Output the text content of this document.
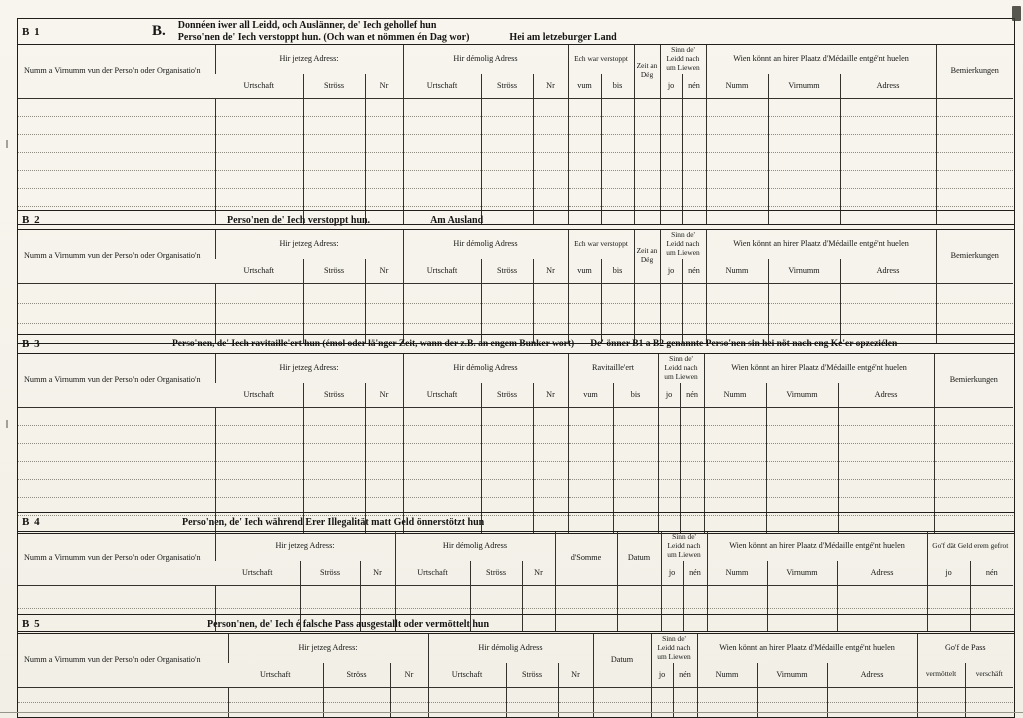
B 1	B. Donnéen iwer all Leidd, och Auslänner, de' Iech gehollef hun
Perso'nen de' Iech verstoppt hun. (Och wan et nömmen én Dag wor)	Hei am letzeburger Land
Numm a Virnumm vun der Perso'n oder Organisatio'n	Hir jetzeg Adress:			Hir démolig Adress			Ech war verstoppt		Zeit an Dég	Sinn de' Leidd nach um Liewen		Wien könnt an hirer Plaatz d'Médaille entgé'nt huelen			Bemierkungen
	Urtschaft	Ströss	Nr	Urtschaft	Ströss	Nr	vum	bis		jo	nén	Numm	Virnumm	Adress	

B 2	Perso'nen de' Iech verstoppt hun.	Am Ausland
Numm a Virnumm vun der Perso'n oder Organisatio'n	Hir jetzeg Adress:			Hir démolig Adress			Ech war verstoppt		Zeit an Dég	Sinn de' Leidd nach um Liewen		Wien könnt an hirer Plaatz d'Médaille entgé'nt huelen			Bemierkungen
	Urtschaft	Ströss	Nr	Urtschaft	Ströss	Nr	vum	bis		jo	nén	Numm	Virnumm	Adress	

B 3	Perso'nen, de' Iech ravitaille'ert hun (émol oder lä'nger Zeit, wann der z.B. an engem Bunker wort) De' önner B1 a B2 genannte Perso'nen sin hei nöt nach eng Ke'er opzeziélen
Numm a Virnumm vun der Perso'n oder Organisatio'n	Hir jetzeg Adress:			Hir démolig Adress			Ravitaille'ert		Sinn de' Leidd nach um Liewen		Wien könnt an hirer Plaatz d'Médaille entgé'nt huelen			Bemierkungen
	Urtschaft	Ströss	Nr	Urtschaft	Ströss	Nr	vum	bis	jo	nén	Numm	Virnumm	Adress	

B 4	Perso'nen, de' Iech während Erer Illegalität matt Geld önnerstötzt hun
Numm a Virnumm vun der Perso'n oder Organisatio'n	Hir jetzeg Adress:			Hir démolig Adress			d'Somme	Datum	Sinn de' Leidd nach um Liewen		Wien könnt an hirer Plaatz d'Médaille entgé'nt huelen			Go'f dät Geld erem gefrot	
	Urtschaft	Ströss	Nr	Urtschaft	Ströss	Nr			jo	nén	Numm	Virnumm	Adress	jo	nén

B 5	Person'nen, de' Iech é falsche Pass ausgestallt oder vermöttelt hun
Numm a Virnumm vun der Perso'n oder Organisatio'n	Hir jetzeg Adress:			Hir démolig Adress			Datum	Sinn de' Leidd nach um Liewen		Wien könnt an hirer Plaatz d'Médaille entgé'nt huelen			Go'f de Pass	
	Urtschaft	Ströss	Nr	Urtschaft	Ströss	Nr		jo	nén	Numm	Virnumm	Adress	vermöttelt	verschäft
